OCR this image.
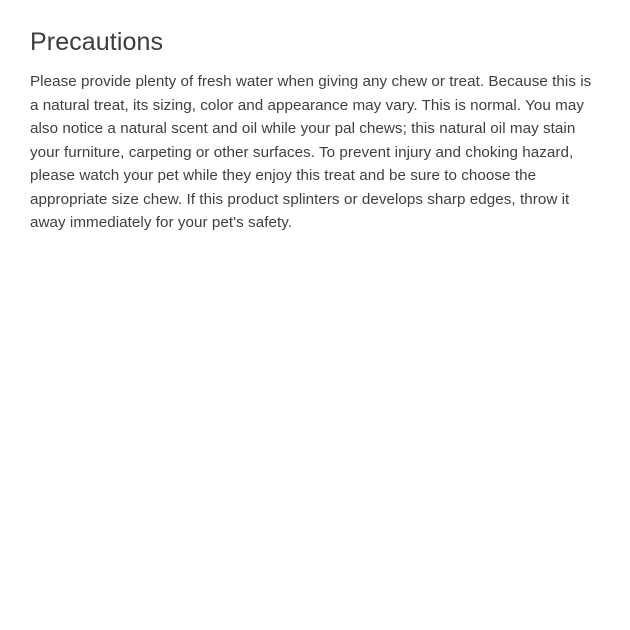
Precautions

Please provide plenty of fresh water when giving any chew or treat. Because this is a natural treat, its sizing, color and appearance may vary. This is normal. You may also notice a natural scent and oil while your pal chews; this natural oil may stain your furniture, carpeting or other surfaces. To prevent injury and choking hazard, please watch your pet while they enjoy this treat and be sure to choose the appropriate size chew. If this product splinters or develops sharp edges, throw it away immediately for your pet's safety.
